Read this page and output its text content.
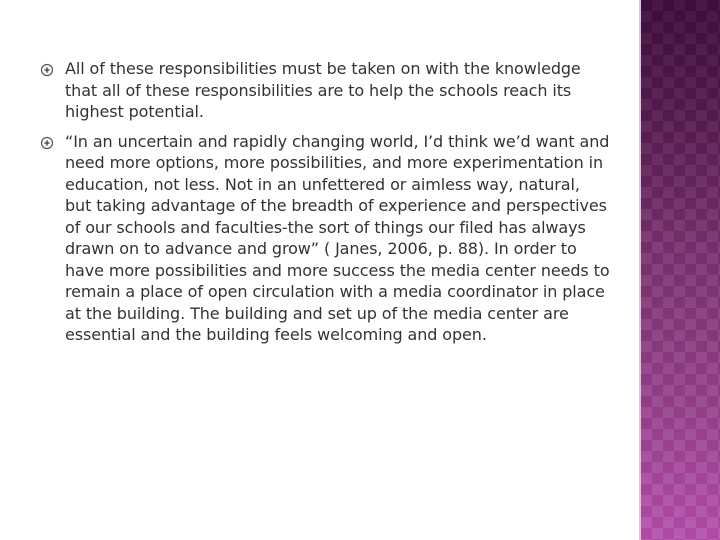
All of these responsibilities must be taken on with the knowledge that all of these responsibilities are to help the schools reach its highest potential.
“In an uncertain and rapidly changing world, I’d think we’d want and need more options, more possibilities, and more experimentation in education, not less. Not in an unfettered or aimless way, natural, but taking advantage of the breadth of experience and perspectives of our schools and faculties-the sort of things our filed has always drawn on to advance and grow” ( Janes, 2006, p. 88). In order to have more possibilities and more success the media center needs to remain a place of open circulation with a media coordinator in place at the building. The building and set up of the media center are essential and the building feels welcoming and open.
